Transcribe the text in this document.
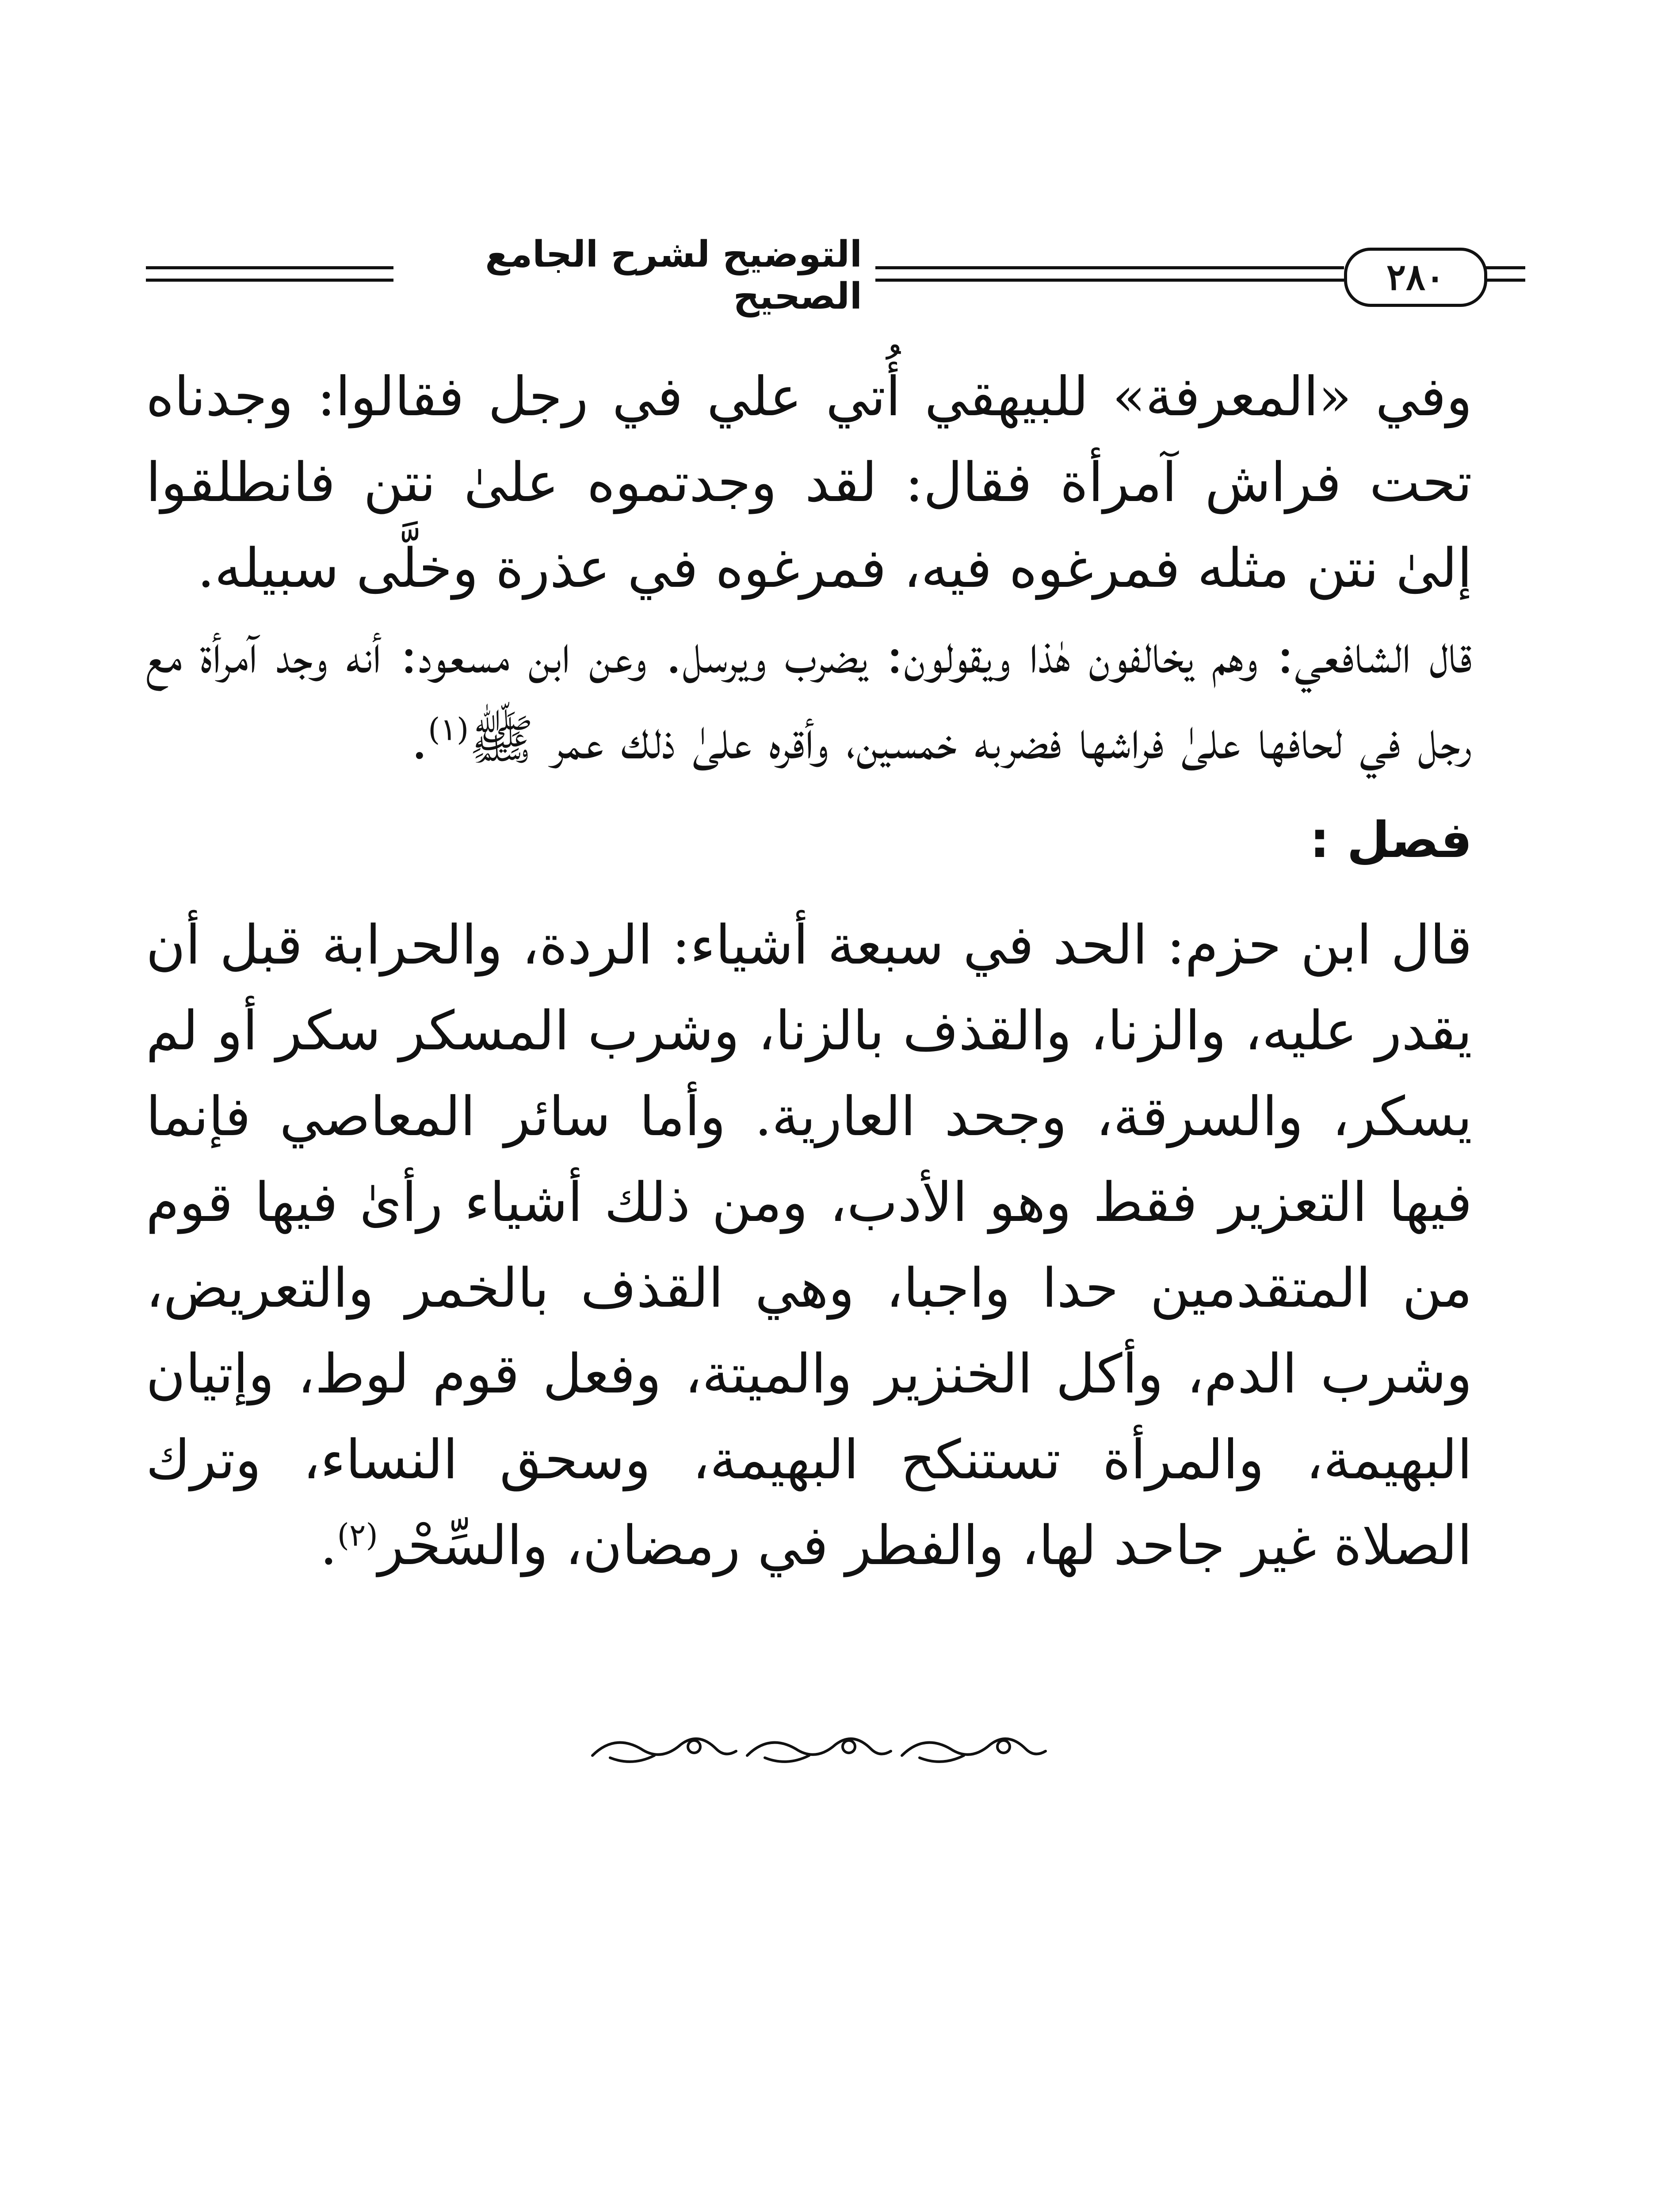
التوضيح لشرح الجامع الصحيح	٢٨٠

وفي «المعرفة» للبيهقي أُتي علي في رجل فقالوا: وجدناه تحت فراش آمرأة فقال: لقد وجدتموه علىٰ نتن فانطلقوا إلىٰ نتن مثله فمرغوه فيه، فمرغوه في عذرة وخلَّى سبيله.

قال الشافعي: وهم يخالفون هٰذا ويقولون: يضرب ويرسل. وعن ابن مسعود: أنه وجد آمرأة مع رجل في لحافها علىٰ فراشها فضربه خمسين، وأقره علىٰ ذلك عمر ﷺ$^{(١)}$.

فصل :

قال ابن حزم: الحد في سبعة أشياء: الردة، والحرابة قبل أن يقدر عليه، والزنا، والقذف بالزنا، وشرب المسكر سكر أو لم يسكر، والسرقة، وجحد العارية. وأما سائر المعاصي فإنما فيها التعزير فقط وهو الأدب، ومن ذلك أشياء رأىٰ فيها قوم من المتقدمين حدا واجبا، وهي القذف بالخمر والتعريض، وشرب الدم، وأكل الخنزير والميتة، وفعل قوم لوط، وإتيان البهيمة، والمرأة تستنكح البهيمة، وسحق النساء، وترك الصلاة غير جاحد لها، والفطر في رمضان، والسِّحْر$^{(٢)}$.
